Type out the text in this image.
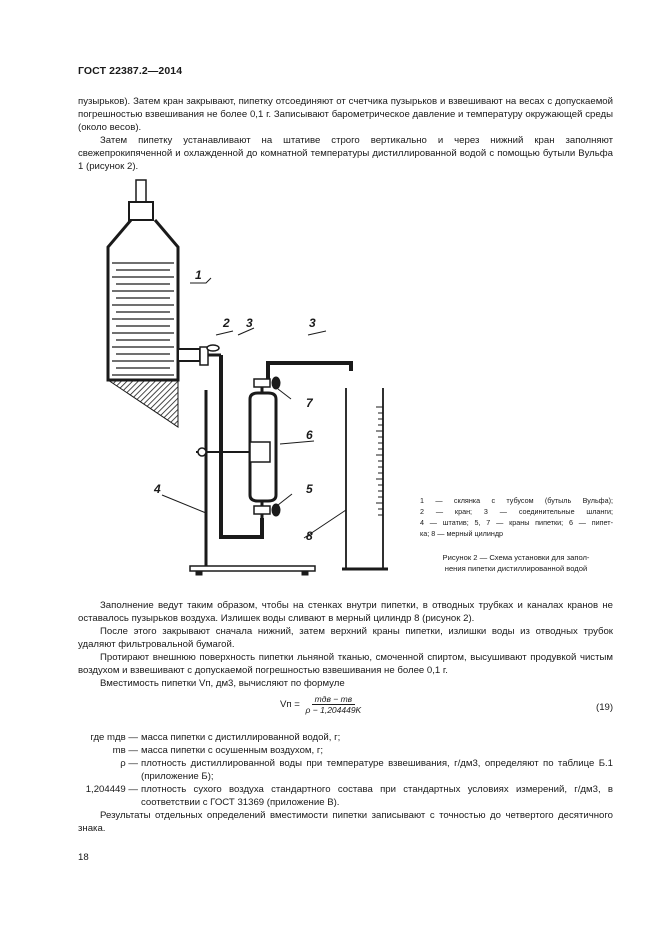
ГОСТ 22387.2—2014

пузырьков). Затем кран закрывают, пипетку отсоединяют от счетчика пузырьков и взвешивают на весах с допускаемой погрешностью взвешивания не более 0,1 г. Записывают барометрическое давление и температуру окружающей среды (около весов).

Затем пипетку устанавливают на штативе строго вертикально и через нижний кран заполняют свежепрокипяченной и охлажденной до комнатной температуры дистиллированной водой с помощью бутыли Вульфа 1 (рисунок 2).

1
2 3	3
4	5
6
7
8

1 — склянка с тубусом (бутыль Вульфа);

2 — кран; 3 — соединительные шланги;

4 — штатив; 5, 7 — краны пипетки; 6 — пипет-

ка; 8 — мерный цилиндр

Рисунок 2 — Схема установки для запол-
нения пипетки дистиллированной водой

Заполнение ведут таким образом, чтобы на стенках внутри пипетки, в отводных трубках и каналах кранов не оставалось пузырьков воздуха. Излишек воды сливают в мерный цилиндр 8 (рисунок 2).

После этого закрывают сначала нижний, затем верхний краны пипетки, излишки воды из отводных трубок удаляют фильтровальной бумагой.

Протирают внешнюю поверхность пипетки льняной тканью, смоченной спиртом, высушивают продувкой чистым воздухом и взвешивают с допускаемой погрешностью взвешивания не более 0,1 г.

Вместимость пипетки Vп, дм3, вычисляют по формуле

Vп = $\frac{\text{mдв − mв}}{\rho - 1,204449K}$	(19)
где mдв — масса пипетки с дистиллированной водой, г;
mв — масса пипетки с осушенным воздухом, г;
ρ — плотность дистиллированной воды при температуре взвешивания, г/дм3, определяют по таблице Б.1 (приложение Б);
1,204449 — плотность сухого воздуха стандартного состава при стандартных условиях измерений, г/дм3, в соответствии с ГОСТ 31369 (приложение В).

Результаты отдельных определений вместимости пипетки записывают с точностью до четвертого десятичного знака.

18
